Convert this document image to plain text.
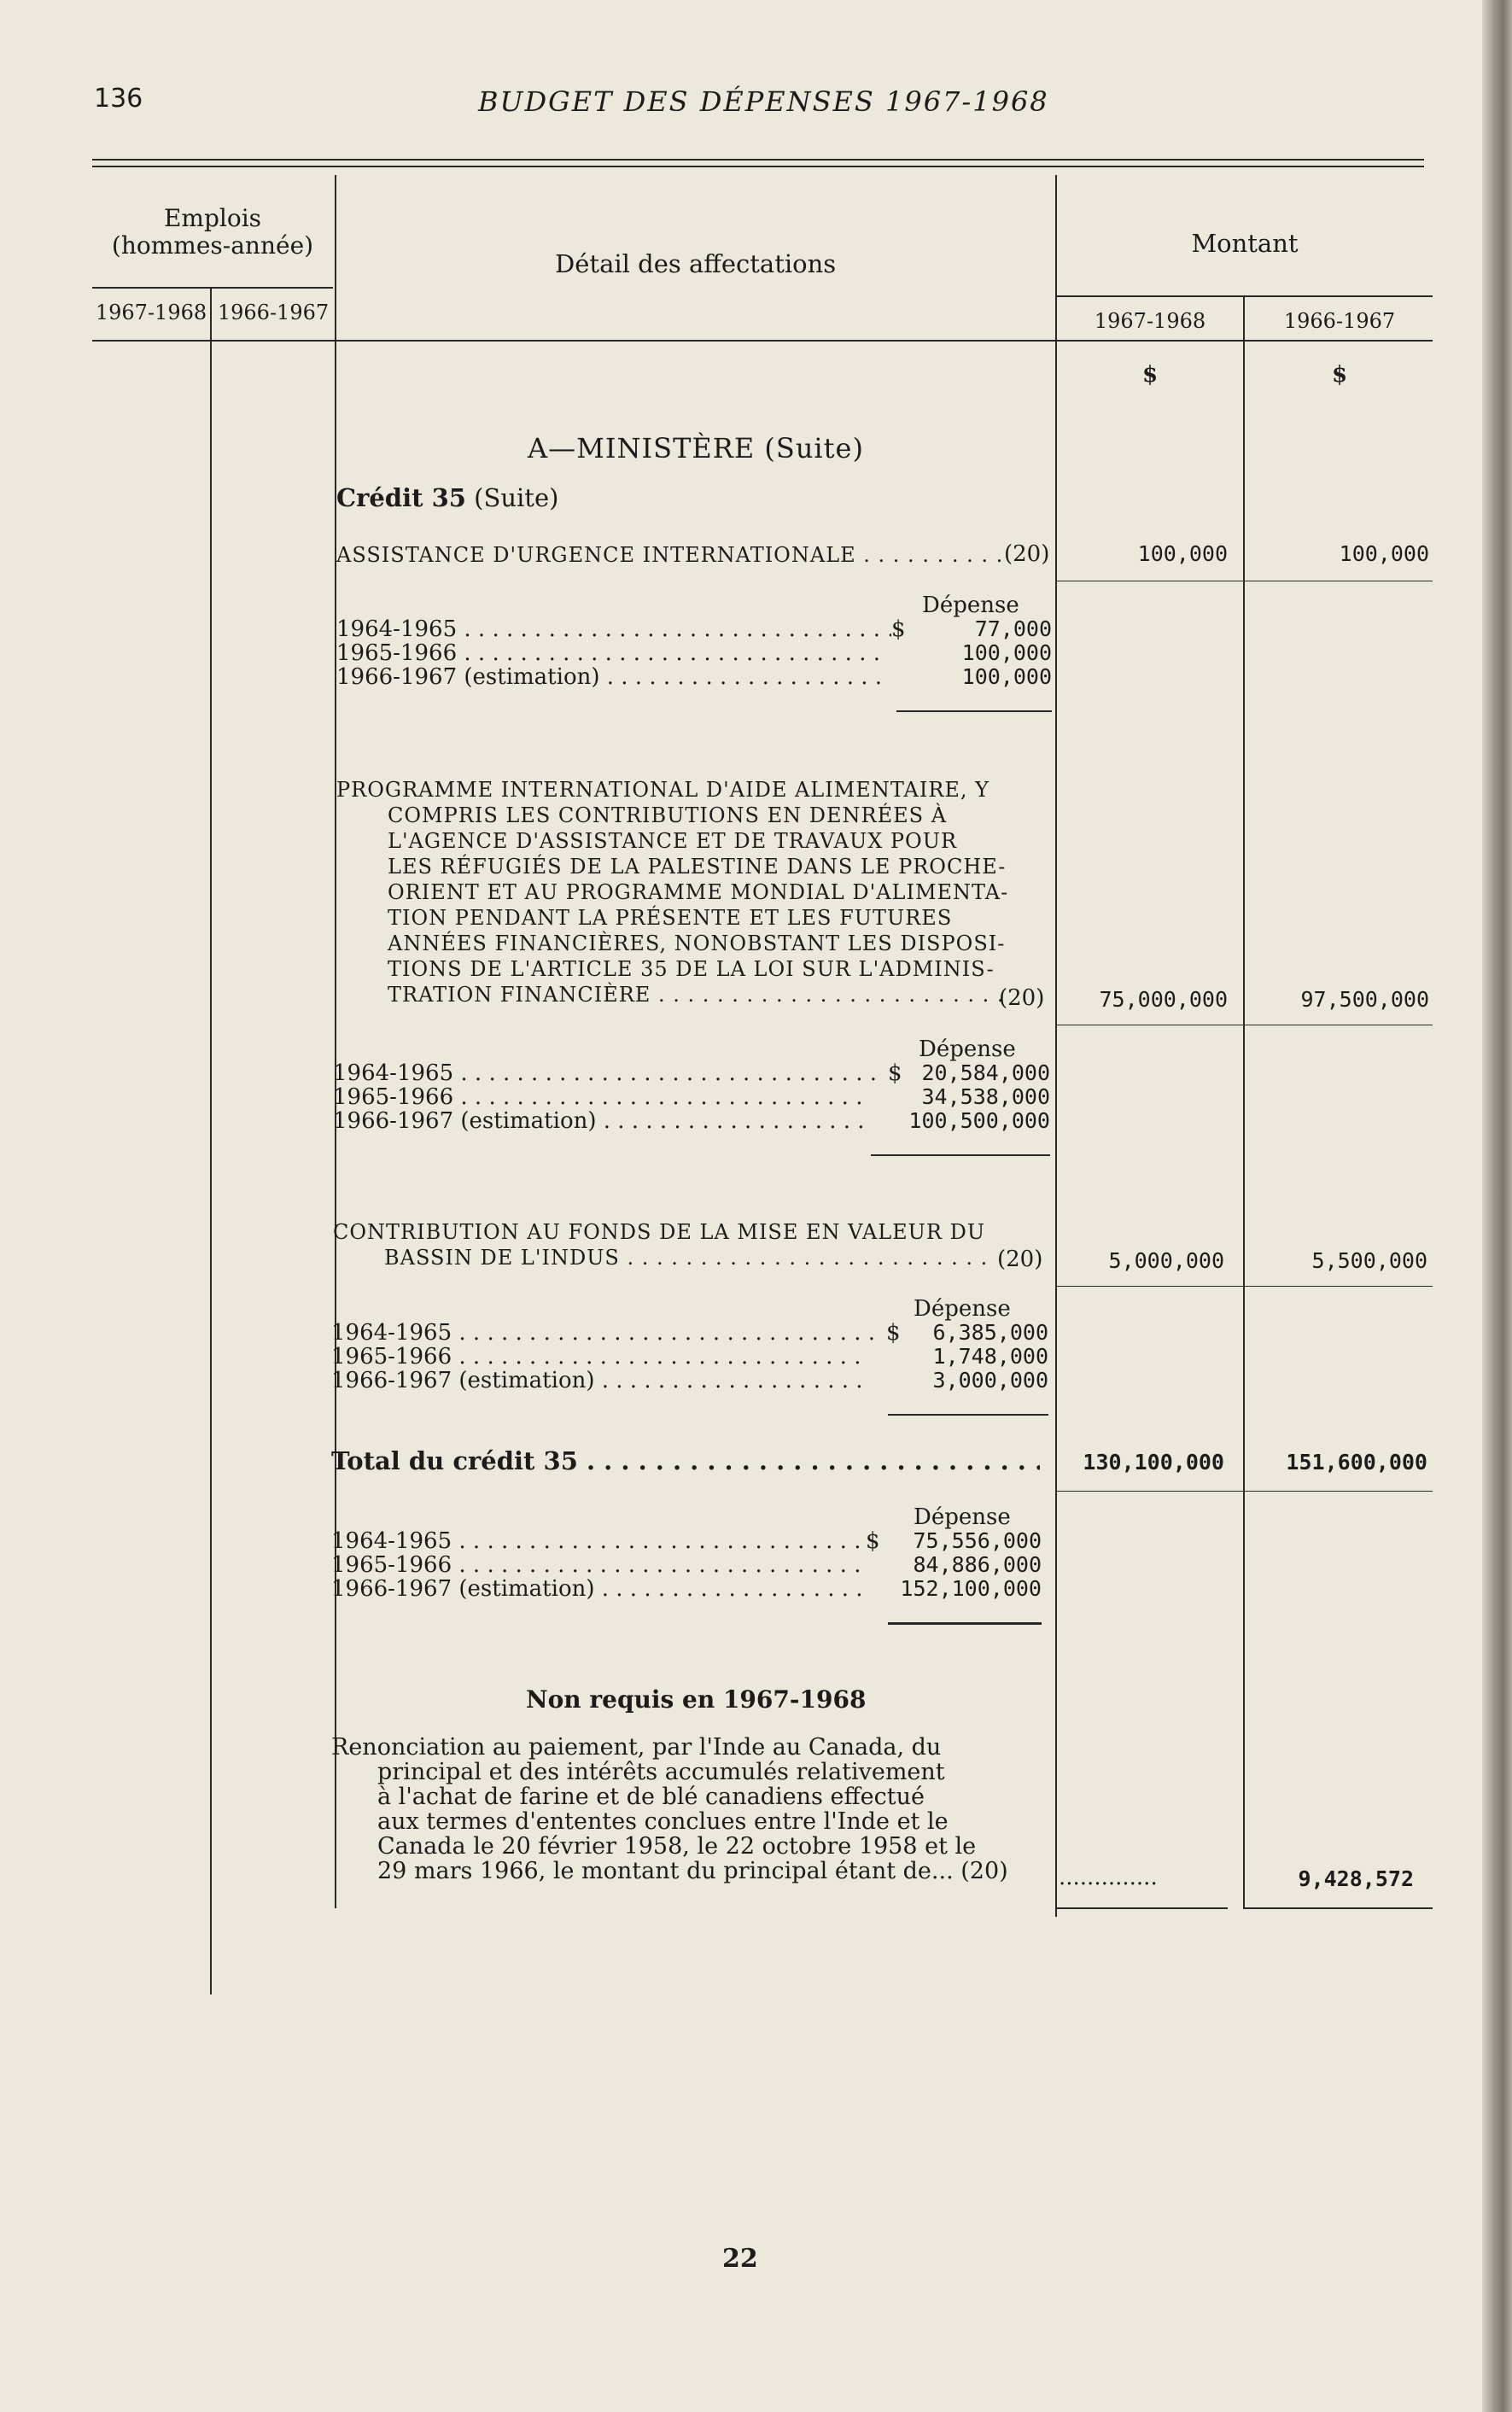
136	BUDGET DES DÉPENSES 1967-1968
Emplois
(hommes-année)
1967-1968 1966-1967
Détail des affectations
Montant
1967-1968	1966-1967
$	$
A—MINISTÈRE (Suite)
Crédit 35 (Suite)
ASSISTANCE D'URGENCE INTERNATIONALE . . .	(20)	100,000	100,000
Dépense
1964-1965 . . .	$	77,000
1965-1966 . . .	100,000
1966-1967 (estimation) . . .	100,000
PROGRAMME INTERNATIONAL D'AIDE ALIMENTAIRE, Y
COMPRIS LES CONTRIBUTIONS EN DENRÉES À
L'AGENCE D'ASSISTANCE ET DE TRAVAUX POUR
LES RÉFUGIÉS DE LA PALESTINE DANS LE PROCHE-
ORIENT ET AU PROGRAMME MONDIAL D'ALIMENTA-
TION PENDANT LA PRÉSENTE ET LES FUTURES
ANNÉES FINANCIÈRES, NONOBSTANT LES DISPOSI-
TIONS DE L'ARTICLE 35 DE LA LOI SUR L'ADMINIS-
TRATION FINANCIÈRE . . .	(20)	75,000,000	97,500,000
Dépense
1964-1965 . . .	$ 20,584,000
1965-1966 . . .	34,538,000
1966-1967 (estimation) . . .	100,500,000
CONTRIBUTION AU FONDS DE LA MISE EN VALEUR DU
BASSIN DE L'INDUS . . .	(20)	5,000,000	5,500,000
Dépense
1964-1965 . . .	$	6,385,000
1965-1966 . . .	1,748,000
1966-1967 (estimation) . . .	3,000,000
Total du crédit 35 . . .	130,100,000	151,600,000
Dépense
1964-1965 . . .	$	75,556,000
1965-1966 . . .	84,886,000
1966-1967 (estimation) . . .	152,100,000
Non requis en 1967-1968
Renonciation au paiement, par l'Inde au Canada, du
principal et des intérêts accumulés relativement
à l'achat de farine et de blé canadiens effectué
aux termes d'ententes conclues entre l'Inde et le
Canada le 20 février 1958, le 22 octobre 1958 et le
29 mars 1966, le montant du principal étant de... (20) ..............	9,428,572
22
